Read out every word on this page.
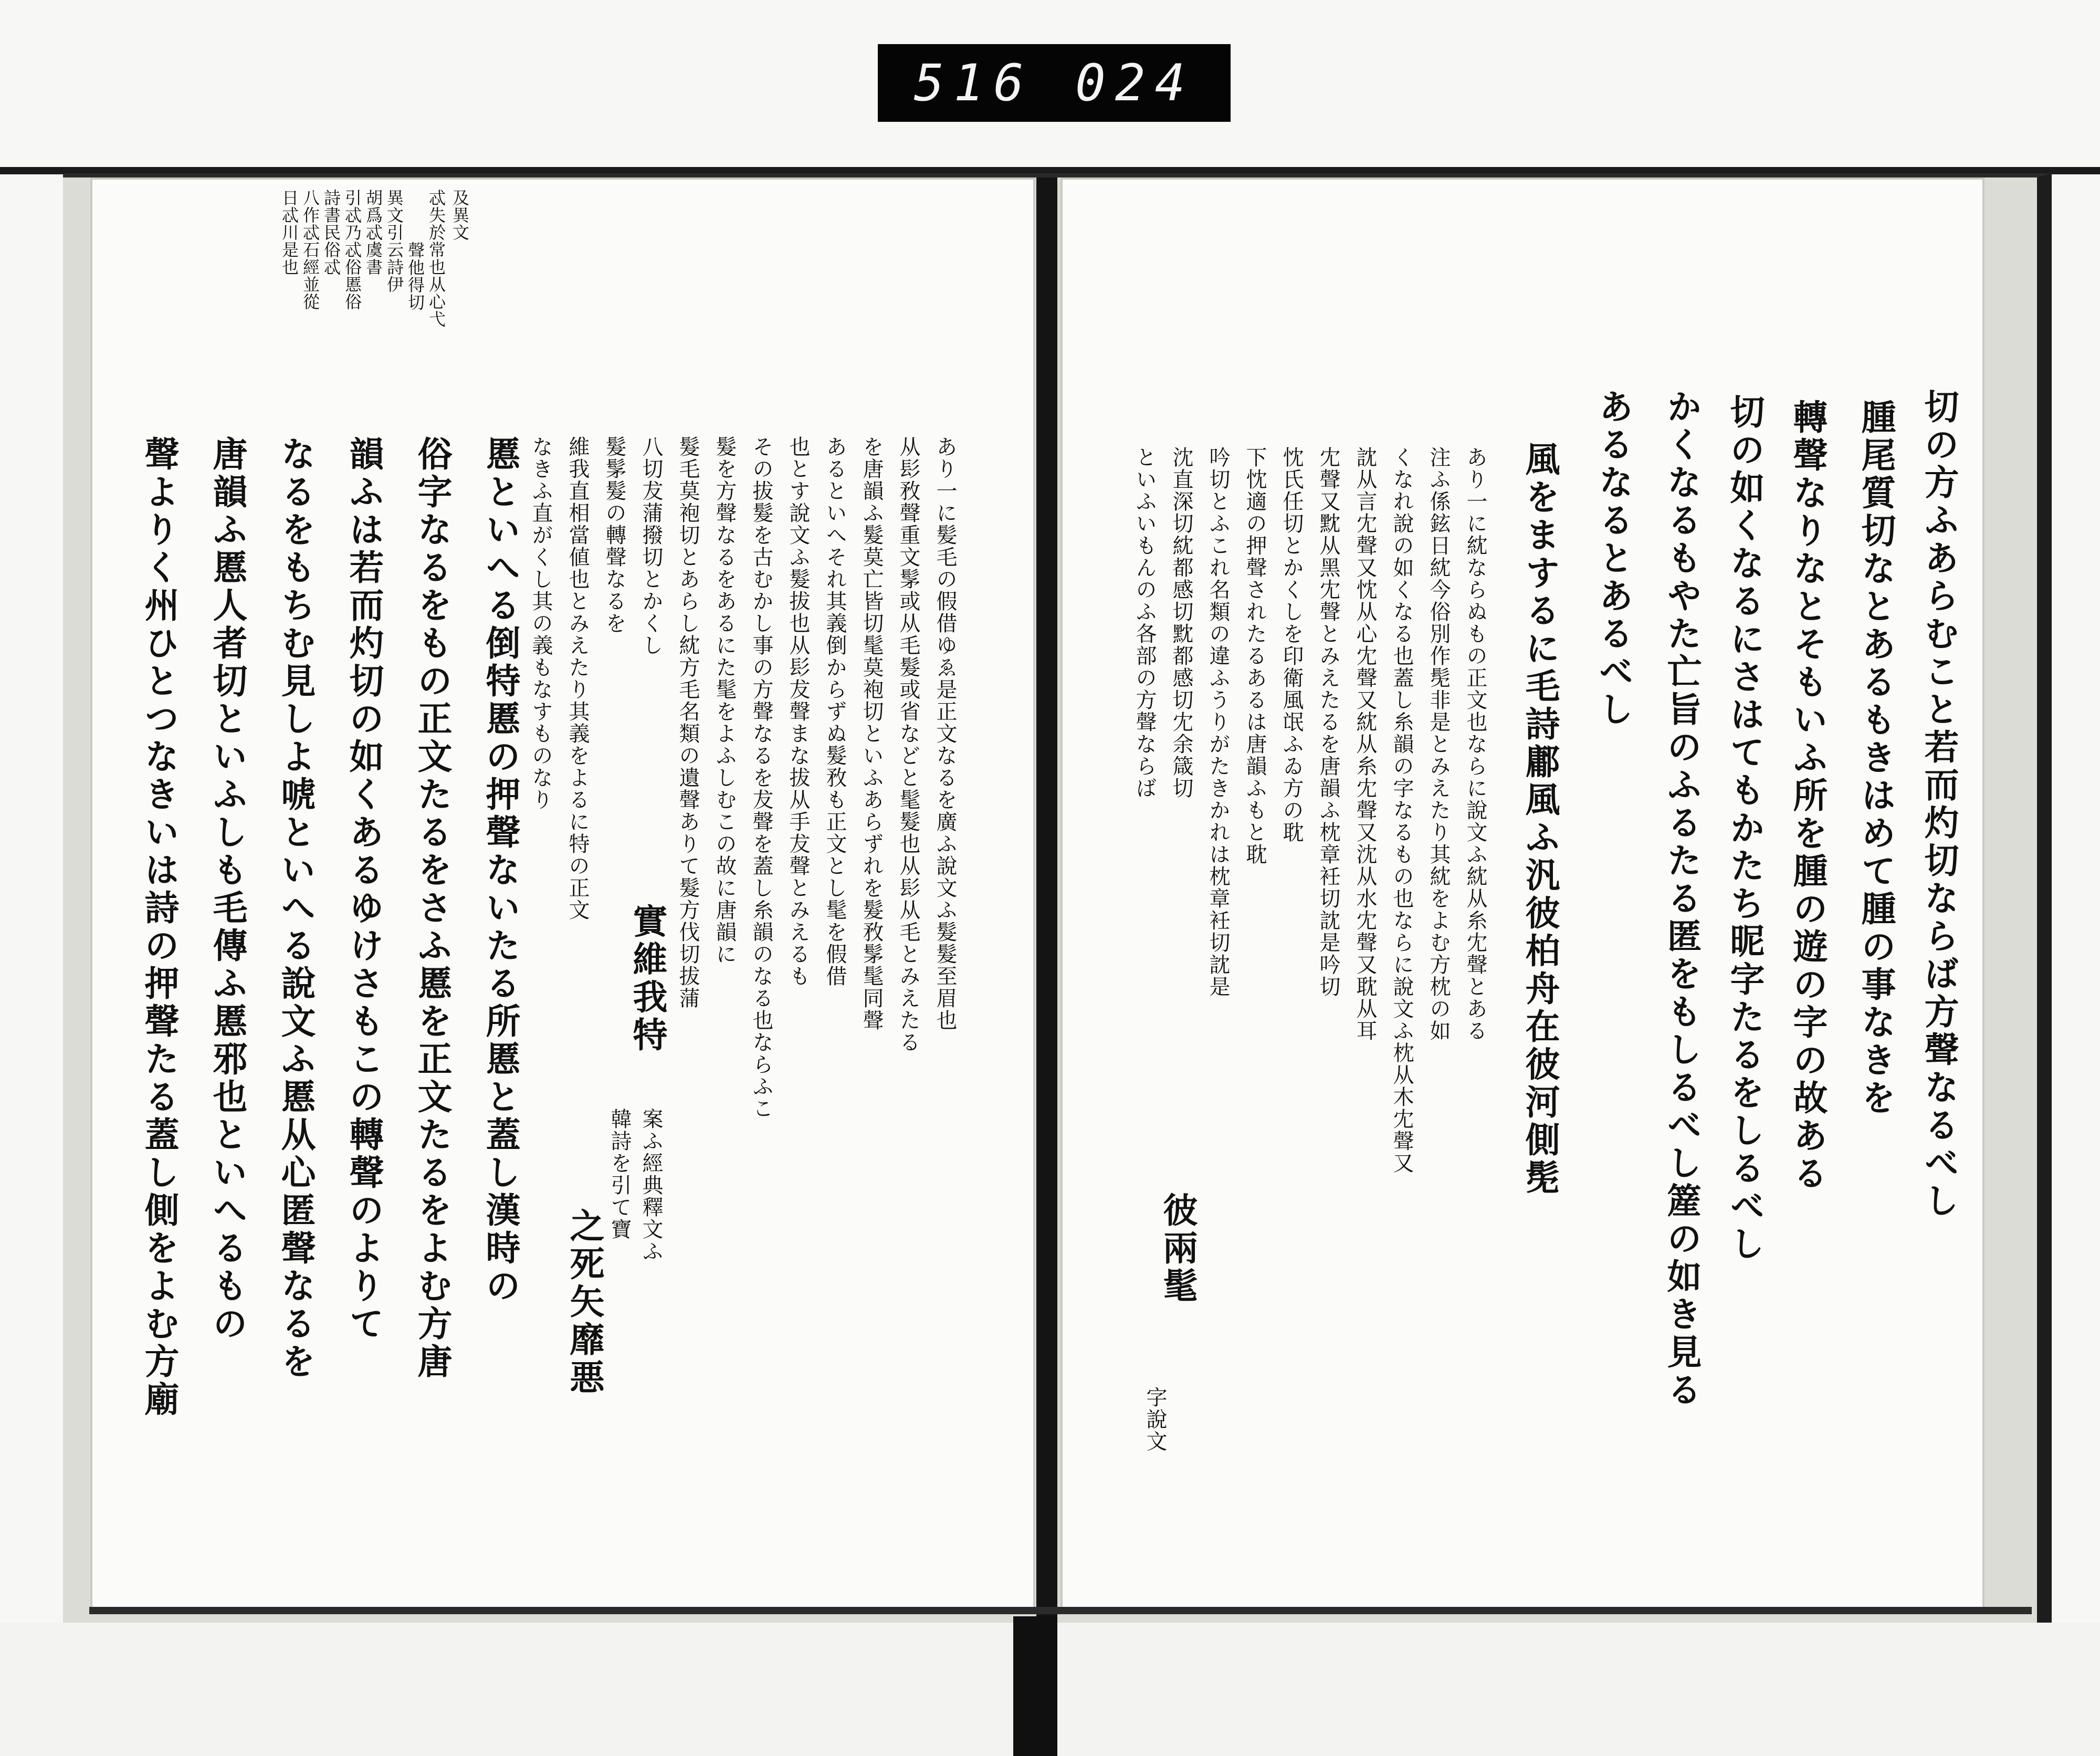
516 024
切の方ふあらむこと若而灼切ならば方聲なるべし
腫尾質切なとあるもきはめて腫の事なきを
轉聲なりなとそもいふ所を腫の遊の字の故ある
切の如くなるにさはてもかたち昵字たるをしるべし
かくなるもやた亡旨のふるたる匿をもしるべし簅の如き見る
あるなるとあるべし
風をまするに毛詩鄘風ふ汎彼柏舟在彼河側髧
あり一に紞ならぬもの正文也ならに說文ふ紞从糸冘聲とある
注ふ係鉉日紞今俗別作髧非是とみえたり其紞をよむ方枕の如
くなれ說の如くなる也蓋し糸韻の字なるもの也ならに說文ふ枕从木冘聲又
訦从言冘聲又忱从心冘聲又紞从糸冘聲又沈从水冘聲又耽从耳
冘聲又黕从黑冘聲とみえたるを唐韻ふ枕章衽切訦是吟切
忱氏任切とかくしを印衛風氓ふゐ方の耽
下忱適の押聲されたるあるは唐韻ふもと耽
吟切とふこれ名類の違ふうりがたきかれは枕章衽切訦是
沈直深切紞都感切黕都感切冘余箴切
といふいもんのふ各部の方聲ならば
彼兩髦
字說文
及異文
忒失於常也从心弋
聲他得切
異文引云詩伊
胡爲忒虞書
引忒乃忒俗慝俗
詩書民俗忒
八作忒石經並從
日忒川是也
あり一に髪毛の假借ゆゑ是正文なるを廣ふ說文ふ髮髮至眉也
从髟敄聲重文髳或从毛髮或省などと髦髮也从髟从毛とみえたる
を唐韻ふ髮莫亡皆切髦莫袍切といふあらずれを髮敄髳髦同聲
あるといへそれ其義倒からずぬ髮敄も正文とし髦を假借
也とす說文ふ髮拔也从髟犮聲まな拔从手犮聲とみえるも
その拔髮を古むかし事の方聲なるを犮聲を蓋し糸韻のなる也ならふこ
髮を方聲なるをあるにた髦をよふしむこの故に唐韻に
髮毛莫袍切とあらし紞方毛名類の遺聲ありて髮方伐切拔蒲
八切犮蒲撥切とかくし
實維我特
案ふ經典釋文ふ
韓詩を引て寶
髮髳髮の轉聲なるを
維我直相當値也とみえたり其義をよるに特の正文
之死矢靡悪
なきふ直がくし其の義もなすものなり
慝といへる倒特慝の押聲ないたる所慝と蓋し漢時の
俗字なるをもの正文たるをさふ慝を正文たるをよむ方唐
韻ふは若而灼切の如くあるゆけさもこの轉聲のよりて
なるをもちむ見しよ唬といへる說文ふ慝从心匿聲なるを
唐韻ふ慝人者切といふしも毛傳ふ慝邪也といへるもの
聲よりく州ひとつなきいは詩の押聲たる蓋し側をよむ方廟
